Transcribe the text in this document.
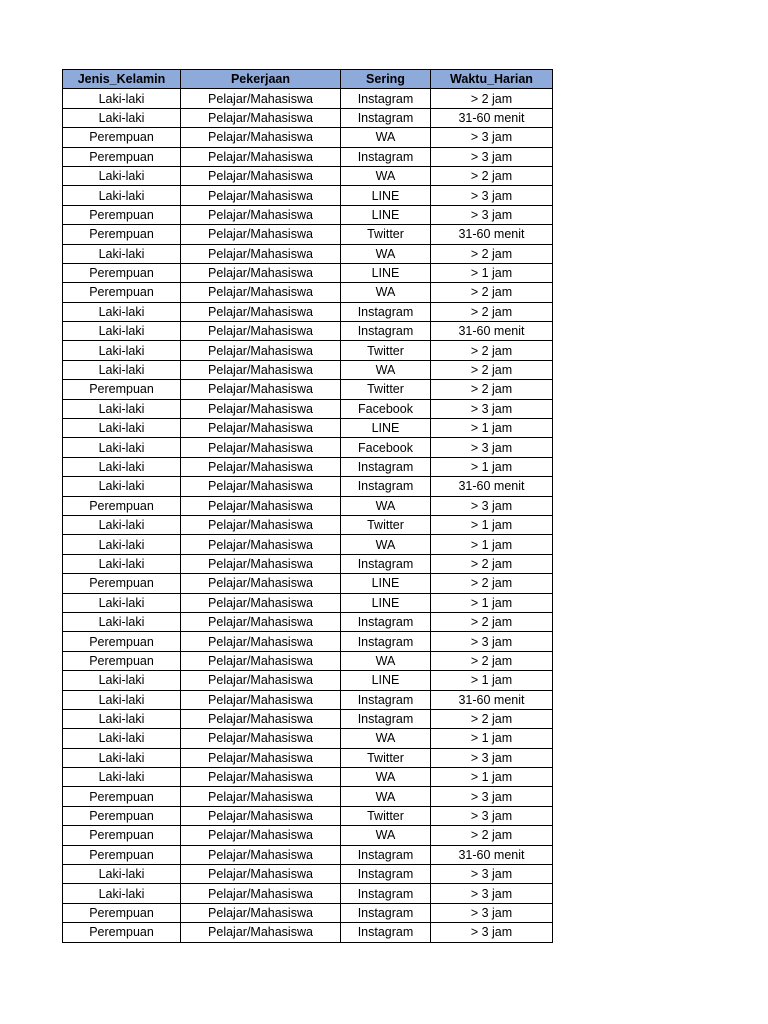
Jenis_Kelamin	Pekerjaan	Sering	Waktu_Harian
Laki-laki	Pelajar/Mahasiswa	Instagram	> 2 jam
Laki-laki	Pelajar/Mahasiswa	Instagram	31-60 menit
Perempuan	Pelajar/Mahasiswa	WA	> 3 jam
Perempuan	Pelajar/Mahasiswa	Instagram	> 3 jam
Laki-laki	Pelajar/Mahasiswa	WA	> 2 jam
Laki-laki	Pelajar/Mahasiswa	LINE	> 3 jam
Perempuan	Pelajar/Mahasiswa	LINE	> 3 jam
Perempuan	Pelajar/Mahasiswa	Twitter	31-60 menit
Laki-laki	Pelajar/Mahasiswa	WA	> 2 jam
Perempuan	Pelajar/Mahasiswa	LINE	> 1 jam
Perempuan	Pelajar/Mahasiswa	WA	> 2 jam
Laki-laki	Pelajar/Mahasiswa	Instagram	> 2 jam
Laki-laki	Pelajar/Mahasiswa	Instagram	31-60 menit
Laki-laki	Pelajar/Mahasiswa	Twitter	> 2 jam
Laki-laki	Pelajar/Mahasiswa	WA	> 2 jam
Perempuan	Pelajar/Mahasiswa	Twitter	> 2 jam
Laki-laki	Pelajar/Mahasiswa	Facebook	> 3 jam
Laki-laki	Pelajar/Mahasiswa	LINE	> 1 jam
Laki-laki	Pelajar/Mahasiswa	Facebook	> 3 jam
Laki-laki	Pelajar/Mahasiswa	Instagram	> 1 jam
Laki-laki	Pelajar/Mahasiswa	Instagram	31-60 menit
Perempuan	Pelajar/Mahasiswa	WA	> 3 jam
Laki-laki	Pelajar/Mahasiswa	Twitter	> 1 jam
Laki-laki	Pelajar/Mahasiswa	WA	> 1 jam
Laki-laki	Pelajar/Mahasiswa	Instagram	> 2 jam
Perempuan	Pelajar/Mahasiswa	LINE	> 2 jam
Laki-laki	Pelajar/Mahasiswa	LINE	> 1 jam
Laki-laki	Pelajar/Mahasiswa	Instagram	> 2 jam
Perempuan	Pelajar/Mahasiswa	Instagram	> 3 jam
Perempuan	Pelajar/Mahasiswa	WA	> 2 jam
Laki-laki	Pelajar/Mahasiswa	LINE	> 1 jam
Laki-laki	Pelajar/Mahasiswa	Instagram	31-60 menit
Laki-laki	Pelajar/Mahasiswa	Instagram	> 2 jam
Laki-laki	Pelajar/Mahasiswa	WA	> 1 jam
Laki-laki	Pelajar/Mahasiswa	Twitter	> 3 jam
Laki-laki	Pelajar/Mahasiswa	WA	> 1 jam
Perempuan	Pelajar/Mahasiswa	WA	> 3 jam
Perempuan	Pelajar/Mahasiswa	Twitter	> 3 jam
Perempuan	Pelajar/Mahasiswa	WA	> 2 jam
Perempuan	Pelajar/Mahasiswa	Instagram	31-60 menit
Laki-laki	Pelajar/Mahasiswa	Instagram	> 3 jam
Laki-laki	Pelajar/Mahasiswa	Instagram	> 3 jam
Perempuan	Pelajar/Mahasiswa	Instagram	> 3 jam
Perempuan	Pelajar/Mahasiswa	Instagram	> 3 jam
